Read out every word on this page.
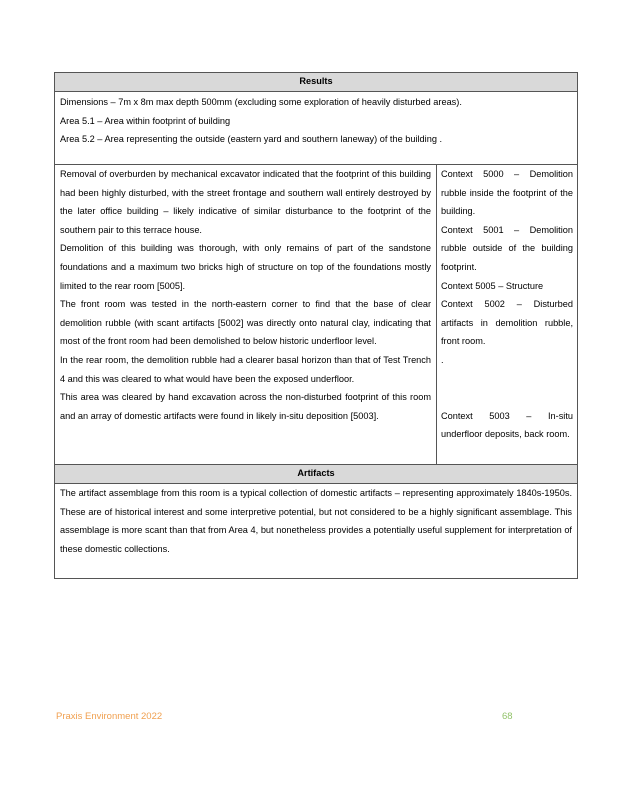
Results

Dimensions – 7m x 8m max depth 500mm (excluding some exploration of heavily disturbed areas).

Area 5.1 – Area within footprint of building

Area 5.2 – Area representing the outside (eastern yard and southern laneway) of the building .

Removal of overburden by mechanical excavator indicated that the footprint of this building had been highly disturbed, with the street frontage and southern wall entirely destroyed by the later office building – likely indicative of similar disturbance to the footprint of the southern pair to this terrace house.

Demolition of this building was thorough, with only remains of part of the sandstone foundations and a maximum two bricks high of structure on top of the foundations mostly limited to the rear room [5005].

The front room was tested in the north-eastern corner to find that the base of clear demolition rubble (with scant artifacts [5002] was directly onto natural clay, indicating that most of the front room had been demolished to below historic underfloor level.

In the rear room, the demolition rubble had a clearer basal horizon than that of Test Trench 4 and this was cleared to what would have been the exposed underfloor.

This area was cleared by hand excavation across the non-disturbed footprint of this room and an array of domestic artifacts were found in likely in-situ deposition [5003].

Context 5000 – Demolition rubble inside the footprint of the building.

Context 5001 – Demolition rubble outside of the building footprint.

Context 5005 – Structure

Context 5002 – Disturbed artifacts in demolition rubble, front room.

.

Context 5003 – In-situ underfloor deposits, back room.

Artifacts

The artifact assemblage from this room is a typical collection of domestic artifacts – representing approximately 1840s-1950s. These are of historical interest and some interpretive potential, but not considered to be a highly significant assemblage. This assemblage is more scant than that from Area 4, but nonetheless provides a potentially useful supplement for interpretation of these domestic collections.

Praxis Environment 2022	68
